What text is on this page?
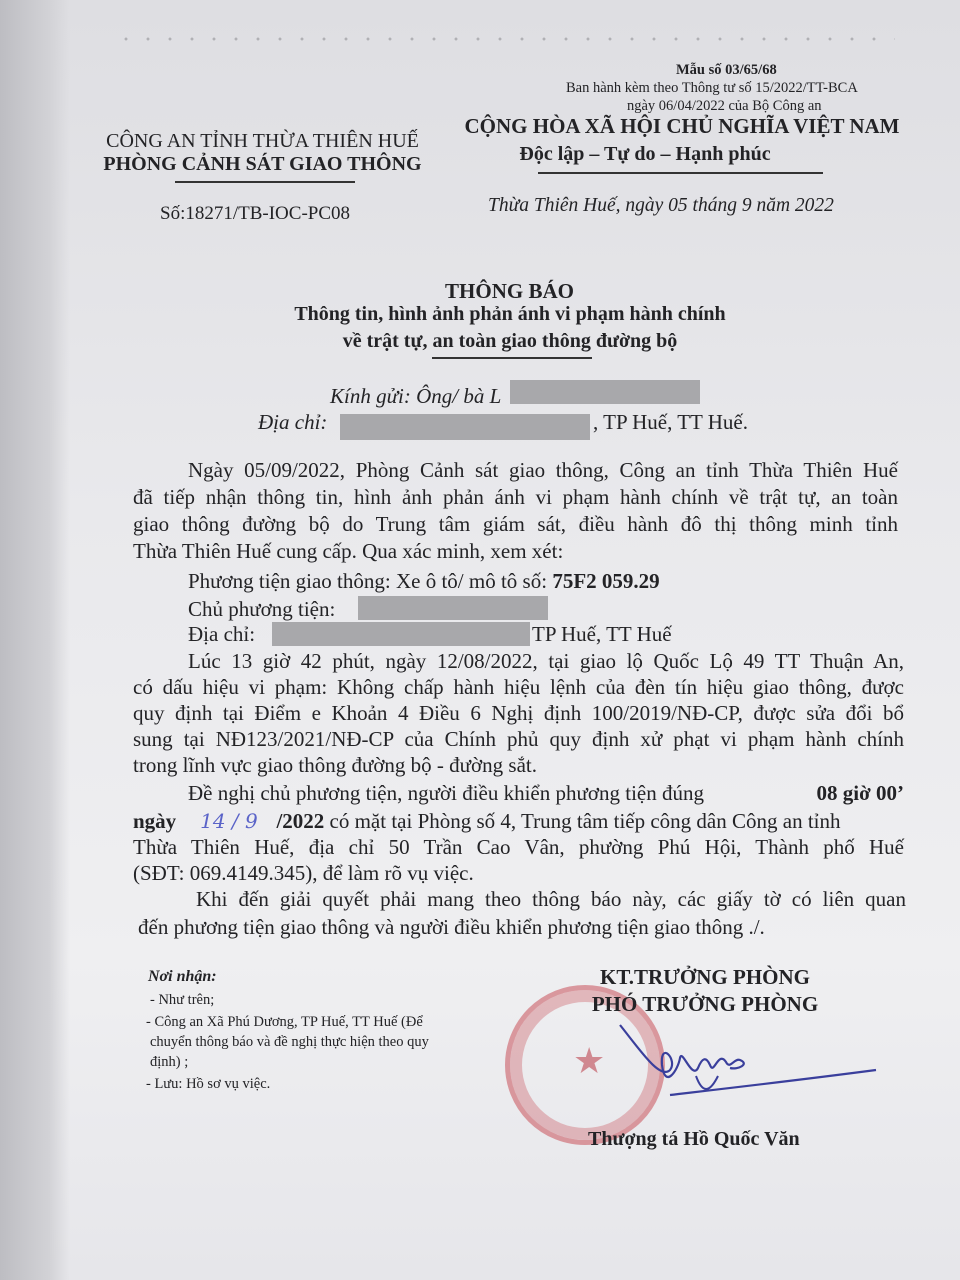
Mẫu số 03/65/68
Ban hành kèm theo Thông tư số 15/2022/TT-BCA
ngày 06/04/2022 của Bộ Công an
CÔNG AN TỈNH THỪA THIÊN HUẾ
PHÒNG CẢNH SÁT GIAO THÔNG
Số:18271/TB-IOC-PC08
CỘNG HÒA XÃ HỘI CHỦ NGHĨA VIỆT NAM
Độc lập – Tự do – Hạnh phúc
Thừa Thiên Huế, ngày 05 tháng 9 năm 2022
THÔNG BÁO
Thông tin, hình ảnh phản ánh vi phạm hành chính
về trật tự, an toàn giao thông đường bộ
Kính gửi: Ông/ bà L
Địa chỉ:	, TP Huế, TT Huế.
Ngày 05/09/2022, Phòng Cảnh sát giao thông, Công an tỉnh Thừa Thiên Huế
đã tiếp nhận thông tin, hình ảnh phản ánh vi phạm hành chính về trật tự, an toàn
giao thông đường bộ do Trung tâm giám sát, điều hành đô thị thông minh tỉnh
Thừa Thiên Huế cung cấp. Qua xác minh, xem xét:
Phương tiện giao thông: Xe ô tô/ mô tô số: 75F2 059.29
Chủ phương tiện:
Địa chỉ:	TP Huế, TT Huế
Lúc 13 giờ 42 phút, ngày 12/08/2022, tại giao lộ Quốc Lộ 49 TT Thuận An,
có dấu hiệu vi phạm: Không chấp hành hiệu lệnh của đèn tín hiệu giao thông, được
quy định tại Điểm e Khoản 4 Điều 6 Nghị định 100/2019/NĐ-CP, được sửa đổi bổ
sung tại NĐ123/2021/NĐ-CP của Chính phủ quy định xử phạt vi phạm hành chính
trong lĩnh vực giao thông đường bộ - đường sắt.
Đề nghị chủ phương tiện, người điều khiển phương tiện đúng	08 giờ 00’
ngày 14 / 9 /2022 có mặt tại Phòng số 4, Trung tâm tiếp công dân Công an tỉnh
Thừa Thiên Huế, địa chỉ 50 Trần Cao Vân, phường Phú Hội, Thành phố Huế
(SĐT: 069.4149.345), để làm rõ vụ việc.
Khi đến giải quyết phải mang theo thông báo này, các giấy tờ có liên quan
đến phương tiện giao thông và người điều khiển phương tiện giao thông ./.
Nơi nhận:
- Như trên;
- Công an Xã Phú Dương, TP Huế, TT Huế (Để
chuyển thông báo và đề nghị thực hiện theo quy
định) ;
- Lưu: Hồ sơ vụ việc.
★
KT.TRƯỞNG PHÒNG
PHÓ TRƯỞNG PHÒNG
Thượng tá Hồ Quốc Văn
